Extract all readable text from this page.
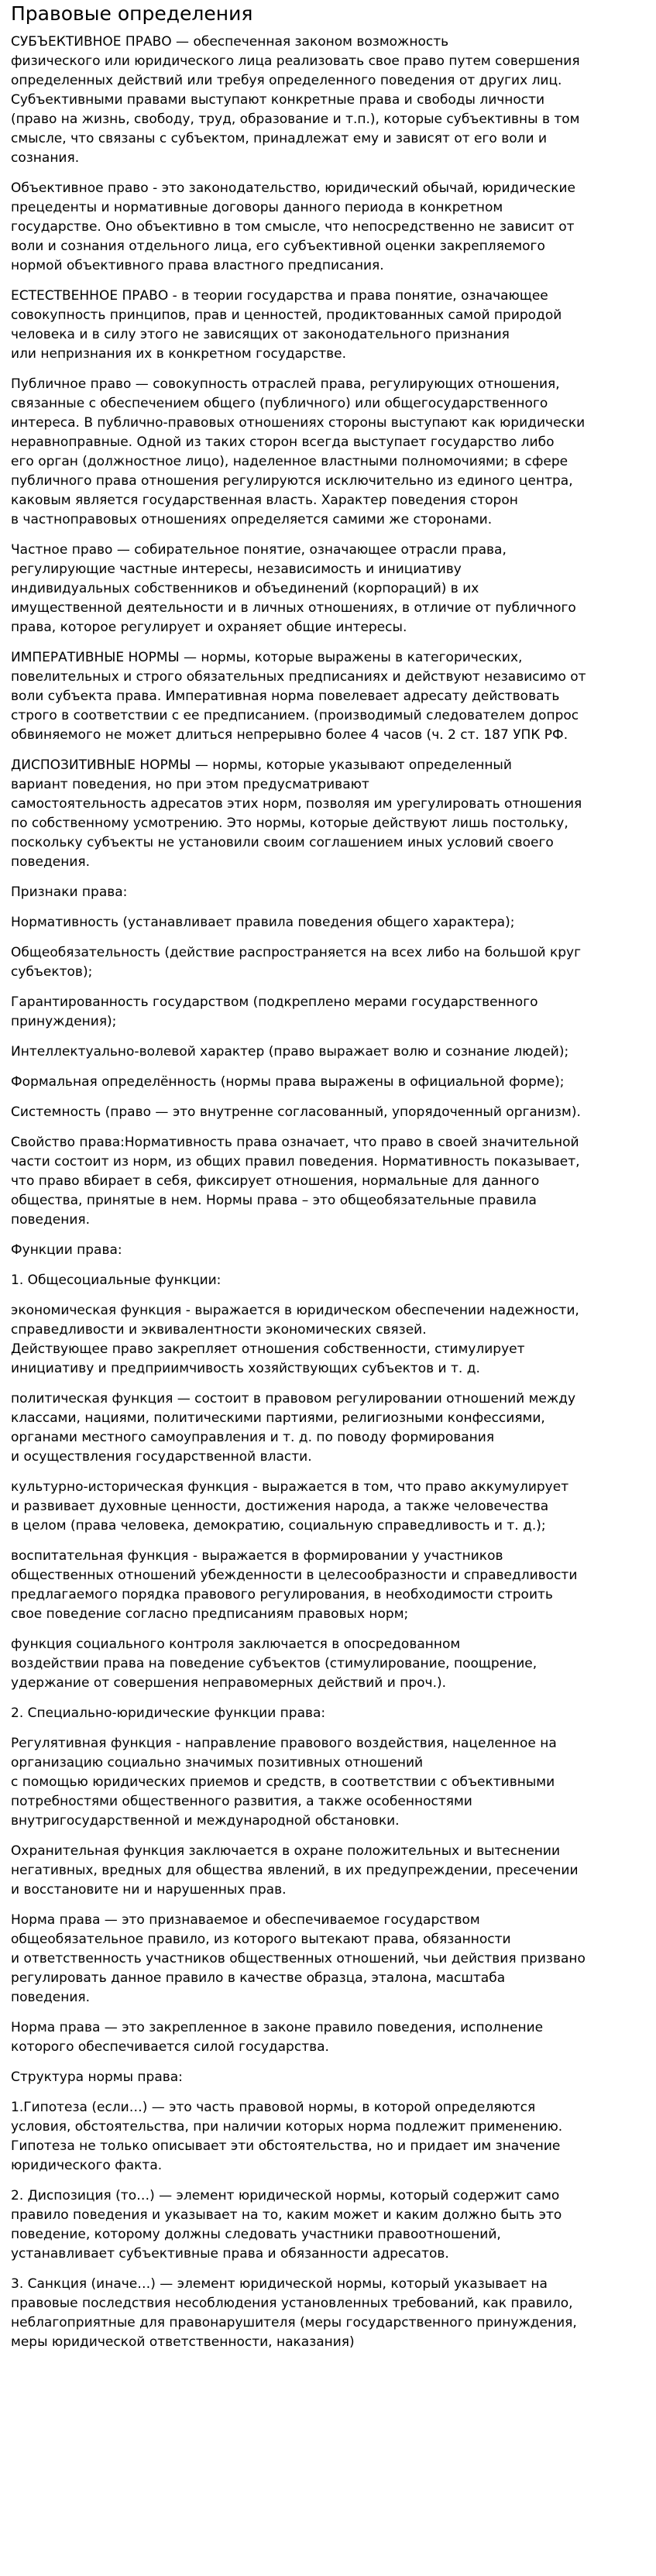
Правовые определения

СУБЪЕКТИВНОЕ ПРАВО — обеспеченная законом возможность
физического или юридического лица реализовать свое право путем совершения
определенных действий или требуя определенного поведения от других лиц.
Субъективными правами выступают конкретные права и свободы личности
(право на жизнь, свободу, труд, образование и т.п.), которые субъективны в том
смысле, что связаны с субъектом, принадлежат ему и зависят от его воли и
сознания.

Объективное право - это законодательство, юридический обычай, юридические
прецеденты и нормативные договоры данного периода в конкретном
государстве. Оно объективно в том смысле, что непосредственно не зависит от
воли и сознания отдельного лица, его субъективной оценки закрепляемого
нормой объективного права властного предписания.

ЕСТЕСТВЕННОЕ ПРАВО - в теории государства и права понятие, означающее
совокупность принципов, прав и ценностей, продиктованных самой природой
человека и в силу этого не зависящих от законодательного признания
или непризнания их в конкретном государстве.

Публичное право — совокупность отраслей права, регулирующих отношения,
связанные с обеспечением общего (публичного) или общегосударственного
интереса. В публично-правовых отношениях стороны выступают как юридически
неравноправные. Одной из таких сторон всегда выступает государство либо
его орган (должностное лицо), наделенное властными полномочиями; в сфере
публичного права отношения регулируются исключительно из единого центра,
каковым является государственная власть. Характер поведения сторон
в частноправовых отношениях определяется самими же сторонами.

Частное право — собирательное понятие, означающее отрасли права,
регулирующие частные интересы, независимость и инициативу
индивидуальных собственников и объединений (корпораций) в их
имущественной деятельности и в личных отношениях, в отличие от публичного
права, которое регулирует и охраняет общие интересы.

ИМПЕРАТИВНЫЕ НОРМЫ — нормы, которые выражены в категорических,
повелительных и строго обязательных предписаниях и действуют независимо от
воли субъекта права. Императивная норма повелевает адресату действовать
строго в соответствии с ее предписанием. (производимый следователем допрос
обвиняемого не может длиться непрерывно более 4 часов (ч. 2 ст. 187 УПК РФ.

ДИСПОЗИТИВНЫЕ НОРМЫ — нормы, которые указывают определенный
вариант поведения, но при этом предусматривают
самостоятельность адресатов этих норм, позволяя им урегулировать отношения
по собственному усмотрению. Это нормы, которые действуют лишь постольку,
поскольку субъекты не установили своим соглашением иных условий своего
поведения.

Признаки права:

Нормативность (устанавливает правила поведения общего характера);

Общеобязательность (действие распространяется на всех либо на большой круг
субъектов);

Гарантированность государством (подкреплено мерами государственного
принуждения);

Интеллектуально-волевой характер (право выражает волю и сознание людей);

Формальная определённость (нормы права выражены в официальной форме);

Системность (право — это внутренне согласованный, упорядоченный организм).

Свойство права:Нормативность права означает, что право в своей значительной
части состоит из норм, из общих правил поведения. Нормативность показывает,
что право вбирает в себя, фиксирует отношения, нормальные для данного
общества, принятые в нем. Нормы права – это общеобязательные правила
поведения.

Функции права:

1. Общесоциальные функции:

экономическая функция - выражается в юридическом обеспечении надежности,
справедливости и эквивалентности экономических связей.
Действующее право закрепляет отношения собственности, стимулирует
инициативу и предприимчивость хозяйствующих субъектов и т. д.

политическая функция — состоит в правовом регулировании отношений между
классами, нациями, политическими партиями, религиозными конфессиями,
органами местного самоуправления и т. д. по поводу формирования
и осуществления государственной власти.

культурно-историческая функция - выражается в том, что право аккумулирует
и развивает духовные ценности, достижения народа, а также человечества
в целом (права человека, демократию, социальную справедливость и т. д.);

воспитательная функция - выражается в формировании у участников
общественных отношений убежденности в целесообразности и справедливости
предлагаемого порядка правового регулирования, в необходимости строить
свое поведение согласно предписаниям правовых норм;

функция социального контроля заключается в опосредованном
воздействии права на поведение субъектов (стимулирование, поощрение,
удержание от совершения неправомерных действий и проч.).

2. Специально-юридические функции права:

Регулятивная функция - направление правового воздействия, нацеленное на
организацию социально значимых позитивных отношений
с помощью юридических приемов и средств, в соответствии с объективными
потребностями общественного развития, а также особенностями
внутригосударственной и международной обстановки.

Охранительная функция заключается в охране положительных и вытеснении
негативных, вредных для общества явлений, в их предупреждении, пресечении
и восстановите ни и нарушенных прав.

Норма права — это признаваемое и обеспечиваемое государством
общеобязательное правило, из которого вытекают права, обязанности
и ответственность участников общественных отношений, чьи действия призвано
регулировать данное правило в качестве образца, эталона, масштаба
поведения.

Норма права — это закрепленное в законе правило поведения, исполнение
которого обеспечивается силой государства.

Структура нормы права:

1.Гипотеза (если…) — это часть правовой нормы, в которой определяются
условия, обстоятельства, при наличии которых норма подлежит применению.
Гипотеза не только описывает эти обстоятельства, но и придает им значение
юридического факта.

2. Диспозиция (то…) — элемент юридической нормы, который содержит само
правило поведения и указывает на то, каким может и каким должно быть это
поведение, которому должны следовать участники правоотношений,
устанавливает субъективные права и обязанности адресатов.

3. Санкция (иначе…) — элемент юридической нормы, который указывает на
правовые последствия несоблюдения установленных требований, как правило,
неблагоприятные для правонарушителя (меры государственного принуждения,
меры юридической ответственности, наказания)
